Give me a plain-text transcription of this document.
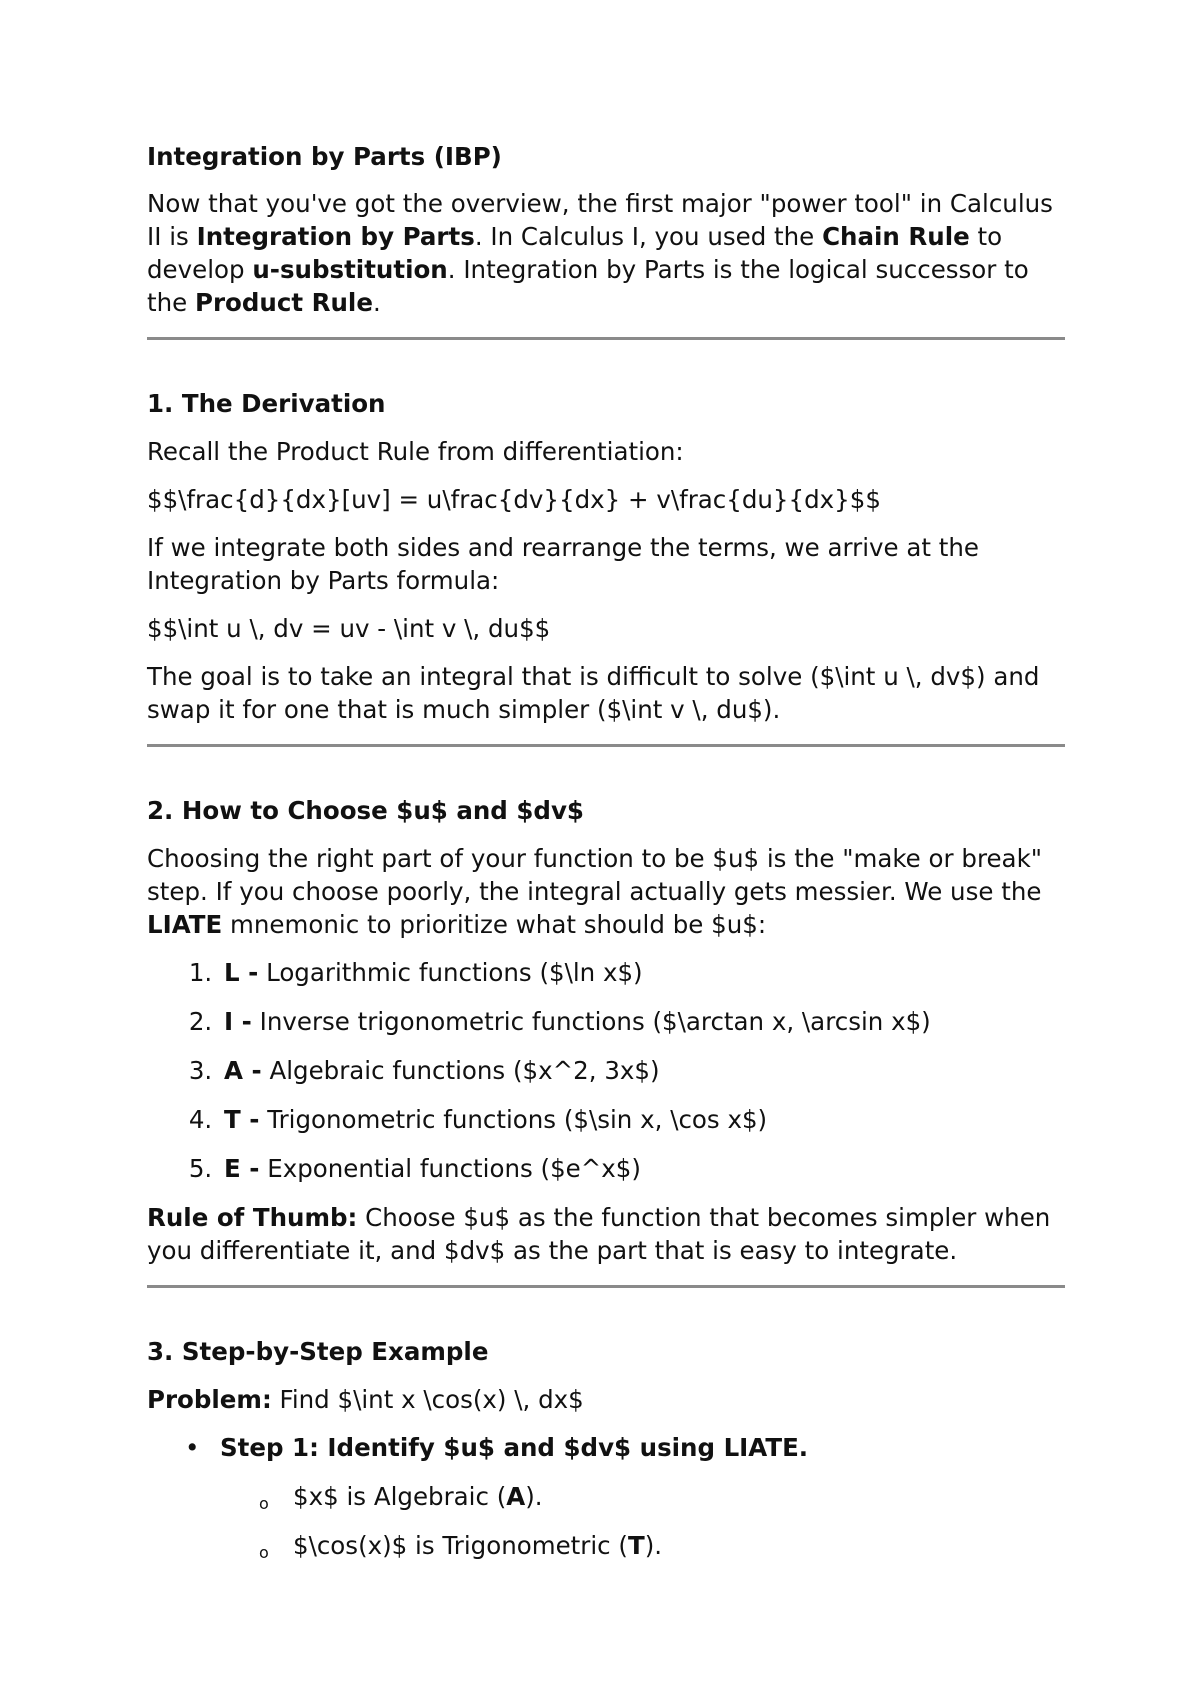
Integration by Parts (IBP)

Now that you've got the overview, the first major "power tool" in Calculus II is Integration by Parts. In Calculus I, you used the Chain Rule to develop u-substitution. Integration by Parts is the logical successor to the Product Rule.

1. The Derivation

Recall the Product Rule from differentiation:

$$\frac{d}{dx}[uv] = u\frac{dv}{dx} + v\frac{du}{dx}$$

If we integrate both sides and rearrange the terms, we arrive at the Integration by Parts formula:

$$\int u \, dv = uv - \int v \, du$$

The goal is to take an integral that is difficult to solve ($\int u \, dv$) and swap it for one that is much simpler ($\int v \, du$).

2. How to Choose $u$ and $dv$

Choosing the right part of your function to be $u$ is the "make or break" step. If you choose poorly, the integral actually gets messier. We use the LIATE mnemonic to prioritize what should be $u$:

1. L - Logarithmic functions ($\ln x$)
2. I - Inverse trigonometric functions ($\arctan x, \arcsin x$)
3. A - Algebraic functions ($x^2, 3x$)
4. T - Trigonometric functions ($\sin x, \cos x$)
5. E - Exponential functions ($e^x$)

Rule of Thumb: Choose $u$ as the function that becomes simpler when you differentiate it, and $dv$ as the part that is easy to integrate.

3. Step-by-Step Example

Problem: Find $\int x \cos(x) \, dx$

• Step 1: Identify $u$ and $dv$ using LIATE.
o $x$ is Algebraic (A).
o $\cos(x)$ is Trigonometric (T).
